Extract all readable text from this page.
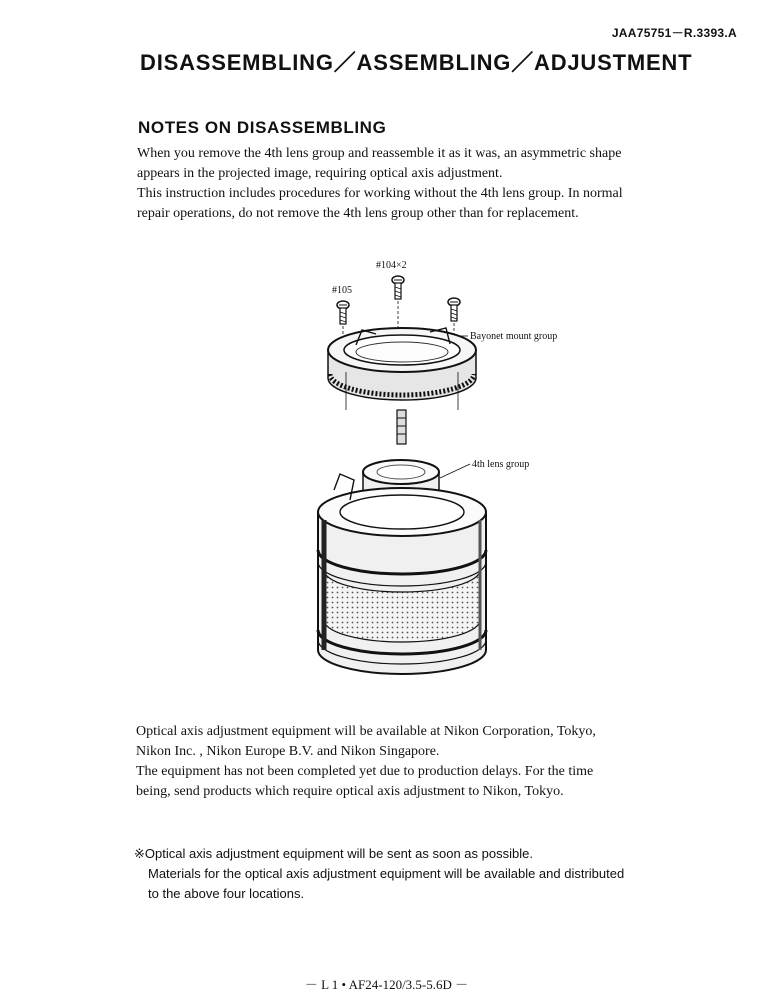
JAA75751－R.3393.A
DISASSEMBLING／ASSEMBLING／ADJUSTMENT
NOTES ON DISASSEMBLING

When you remove the 4th lens group and reassemble it as it was, an asymmetric shape

appears in the projected image, requiring optical axis adjustment.

This instruction includes procedures for working without the 4th lens group. In normal

repair operations, do not remove the 4th lens group other than for replacement.

#104×2
#105
Bayonet mount group
4th lens group

Optical axis adjustment equipment will be available at Nikon Corporation, Tokyo,

Nikon Inc. , Nikon Europe B.V. and Nikon Singapore.

The equipment has not been completed yet due to production delays. For the time

being, send products which require optical axis adjustment to Nikon, Tokyo.

※Optical axis adjustment equipment will be sent as soon as possible.

Materials for the optical axis adjustment equipment will be available and distributed

to the above four locations.

－ L 1 • AF24-120/3.5-5.6D －
